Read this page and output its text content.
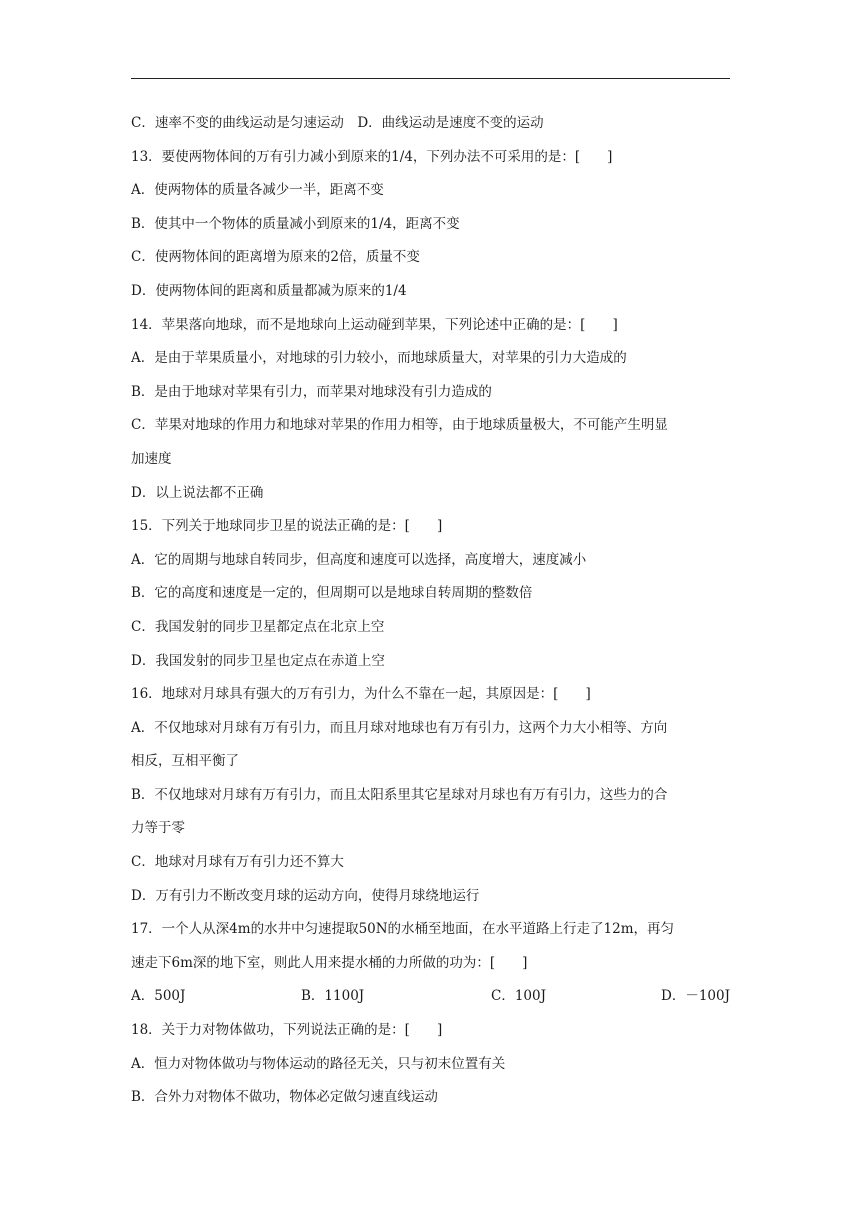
C．速率不变的曲线运动是匀速运动　D．曲线运动是速度不变的运动
13．要使两物体间的万有引力减小到原来的1/4，下列办法不可采用的是：[　　]
A．使两物体的质量各减少一半，距离不变
B．使其中一个物体的质量减小到原来的1/4，距离不变
C．使两物体间的距离增为原来的2倍，质量不变
D．使两物体间的距离和质量都减为原来的1/4
14．苹果落向地球，而不是地球向上运动碰到苹果，下列论述中正确的是：[　　]
A．是由于苹果质量小，对地球的引力较小，而地球质量大，对苹果的引力大造成的
B．是由于地球对苹果有引力，而苹果对地球没有引力造成的
C．苹果对地球的作用力和地球对苹果的作用力相等，由于地球质量极大，不可能产生明显
加速度
D．以上说法都不正确
15．下列关于地球同步卫星的说法正确的是：[　　]
A．它的周期与地球自转同步，但高度和速度可以选择，高度增大，速度减小
B．它的高度和速度是一定的，但周期可以是地球自转周期的整数倍
C．我国发射的同步卫星都定点在北京上空
D．我国发射的同步卫星也定点在赤道上空
16．地球对月球具有强大的万有引力，为什么不靠在一起，其原因是：[　　]
A．不仅地球对月球有万有引力，而且月球对地球也有万有引力，这两个力大小相等、方向
相反，互相平衡了
B．不仅地球对月球有万有引力，而且太阳系里其它星球对月球也有万有引力，这些力的合
力等于零
C．地球对月球有万有引力还不算大
D．万有引力不断改变月球的运动方向，使得月球绕地运行
17．一个人从深4m的水井中匀速提取50N的水桶至地面，在水平道路上行走了12m，再匀
速走下6m深的地下室，则此人用来提水桶的力所做的功为：[　　]
A．500J	B．1100J	C．100J	D．－100J
18．关于力对物体做功，下列说法正确的是：[　　]
A．恒力对物体做功与物体运动的路径无关，只与初末位置有关
B．合外力对物体不做功，物体必定做匀速直线运动
